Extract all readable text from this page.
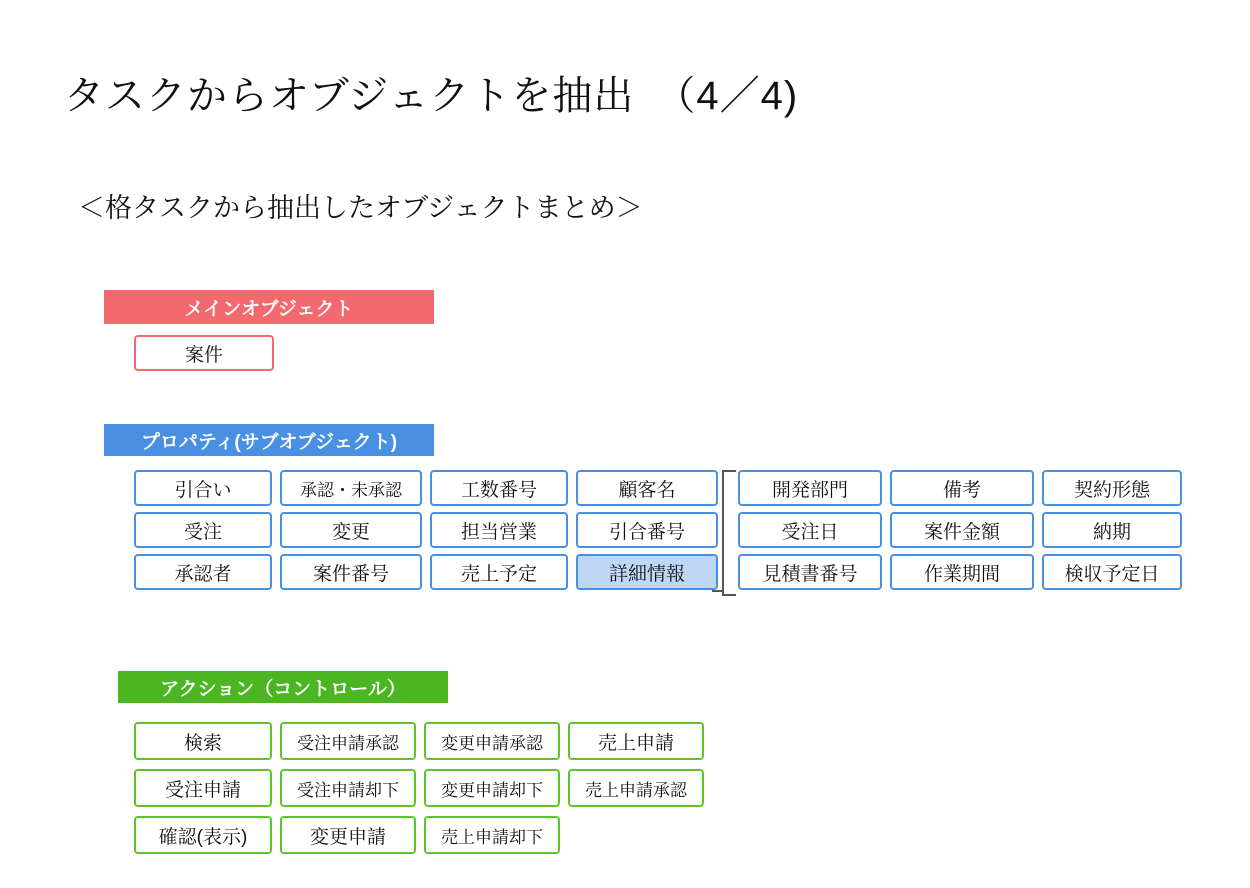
タスクからオブジェクトを抽出　（4／4)
＜格タスクから抽出したオブジェクトまとめ＞
メインオブジェクト
案件
プロパティ(サブオブジェクト)
引合い	承認・未承認	工数番号	顧客名	開発部門	備考	契約形態
受注	変更	担当営業	引合番号	受注日	案件金額	納期
承認者	案件番号	売上予定	詳細情報	見積書番号	作業期間	検収予定日
アクション（コントロール）
検索	受注申請承認	変更申請承認	売上申請
受注申請	受注申請却下	変更申請却下	売上申請承認
確認(表示)	変更申請	売上申請却下
